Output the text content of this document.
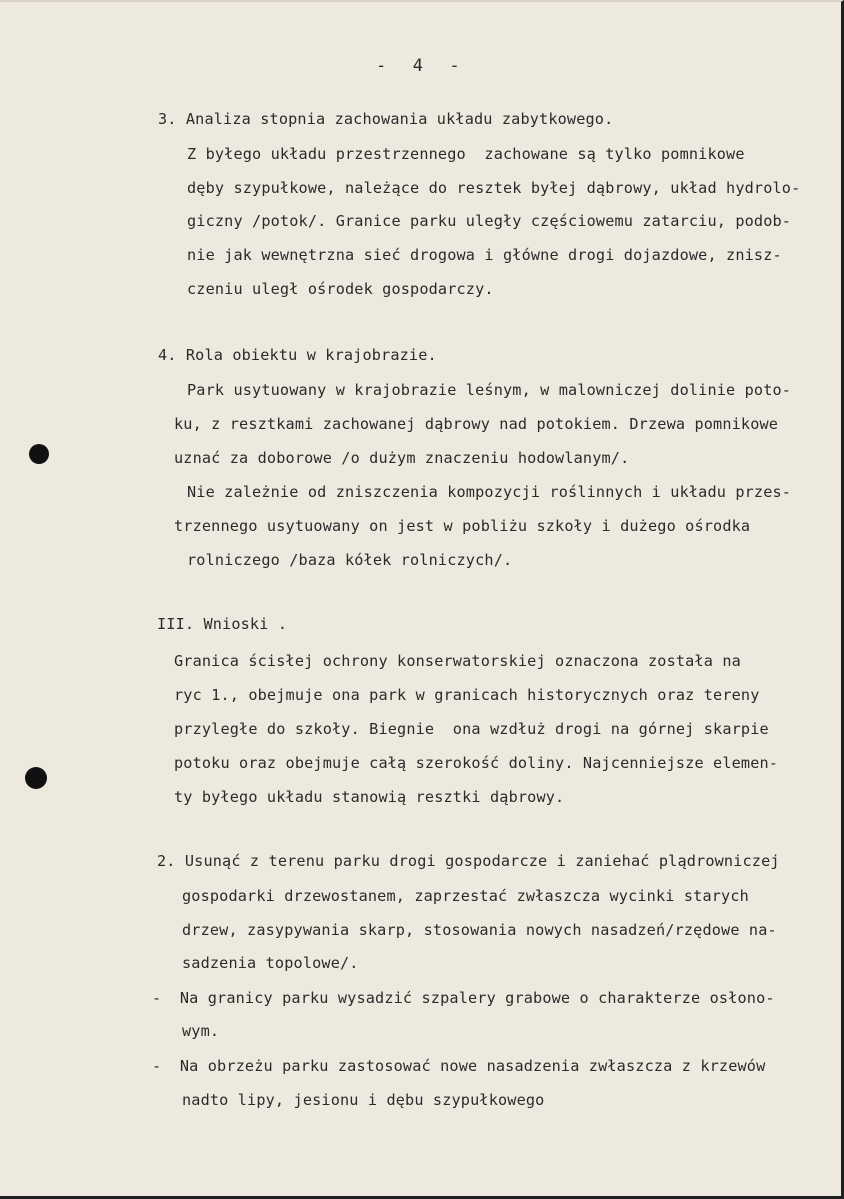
-  4  -
3. Analiza stopnia zachowania układu zabytkowego.
Z byłego układu przestrzennego  zachowane są tylko pomnikowe
dęby szypułkowe, należące do resztek byłej dąbrowy, układ hydrolo-
giczny /potok/. Granice parku uległy częściowemu zatarciu, podob-
nie jak wewnętrzna sieć drogowa i główne drogi dojazdowe, znisz-
czeniu uległ ośrodek gospodarczy.
4. Rola obiektu w krajobrazie.
Park usytuowany w krajobrazie leśnym, w malowniczej dolinie poto-
ku, z resztkami zachowanej dąbrowy nad potokiem. Drzewa pomnikowe
uznać za doborowe /o dużym znaczeniu hodowlanym/.
Nie zależnie od zniszczenia kompozycji roślinnych i układu przes-
trzennego usytuowany on jest w pobliżu szkoły i dużego ośrodka
rolniczego /baza kółek rolniczych/.
III. Wnioski .
Granica ścisłej ochrony konserwatorskiej oznaczona została na
ryc 1., obejmuje ona park w granicach historycznych oraz tereny
przyległe do szkoły. Biegnie  ona wzdłuż drogi na górnej skarpie
potoku oraz obejmuje całą szerokość doliny. Najcenniejsze elemen-
ty byłego układu stanowią resztki dąbrowy.
2. Usunąć z terenu parku drogi gospodarcze i zaniehać plądrowniczej
gospodarki drzewostanem, zaprzestać zwłaszcza wycinki starych
drzew, zasypywania skarp, stosowania nowych nasadzeń/rzędowe na-
sadzenia topolowe/.
-  Na granicy parku wysadzić szpalery grabowe o charakterze osłono-
wym.
-  Na obrzeżu parku zastosować nowe nasadzenia zwłaszcza z krzewów
nadto lipy, jesionu i dębu szypułkowego
